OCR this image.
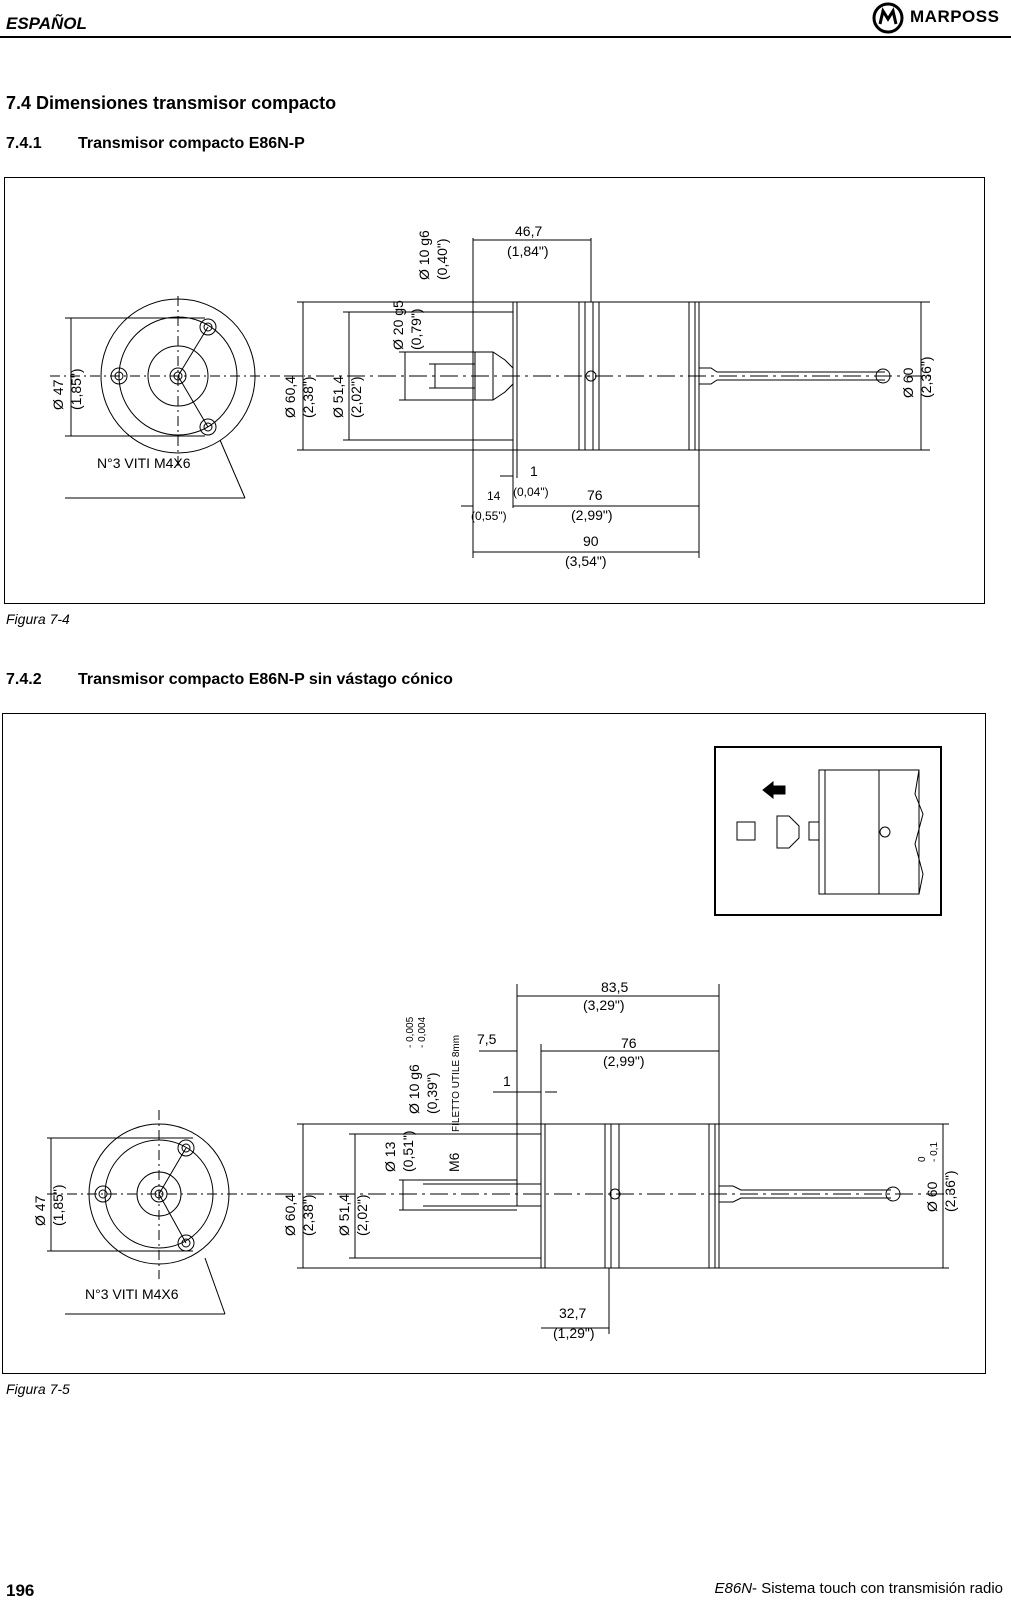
ESPAÑOL	MARPOSS
7.4 Dimensiones transmisor compacto
7.4.1 Transmisor compacto E86N-P
N°3 VITI M4X6
Ø 47 (1,85")	Ø 60,4 (2,38") Ø 51,4 (2,02")
Ø 20 g5 (0,79")
Ø 10 g6 (0,40")
Ø 60 (2,36")
46,7
(1,84")
1
(0,04")
14
(0,55")
76
(2,99")
90
(3,54")
Figura 7-4
7.4.2 Transmisor compacto E86N-P sin vástago cónico
N°3 VITI M4X6
Ø 47 (1,85")	Ø 60,4 (2,38") Ø 51,4 (2,02")
Ø 13 (0,51") M6
FILETTO UTILE 8mm
Ø 10 g6 (0,39")
- 0,005 - 0,004
Ø 60 (2,36")
0 - 0,1
83,5
(3,29")
7,5	76
(2,99")
1
32,7
(1,29")
Figura 7-5
196	E86N- Sistema touch con transmisión radio
